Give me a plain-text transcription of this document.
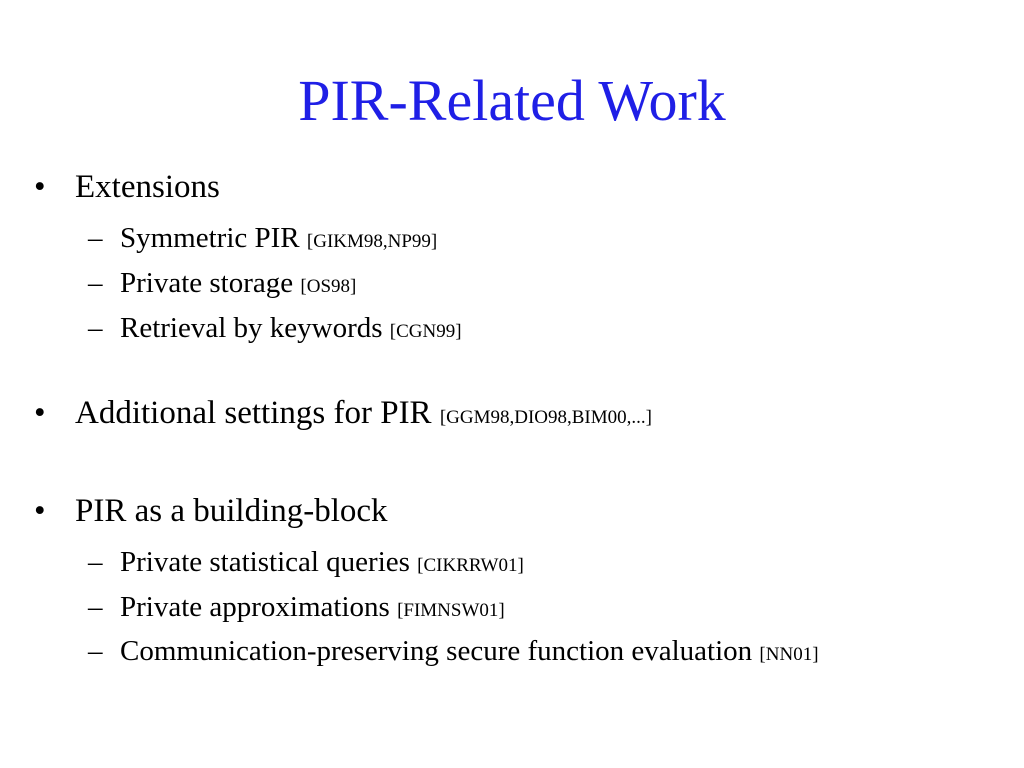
PIR-Related Work
• Extensions
– Symmetric PIR [GIKM98,NP99]
– Private storage [OS98]
– Retrieval by keywords [CGN99]
• Additional settings for PIR [GGM98,DIO98,BIM00,...]
• PIR as a building-block
– Private statistical queries [CIKRRW01]
– Private approximations [FIMNSW01]
– Communication-preserving secure function evaluation [NN01]
